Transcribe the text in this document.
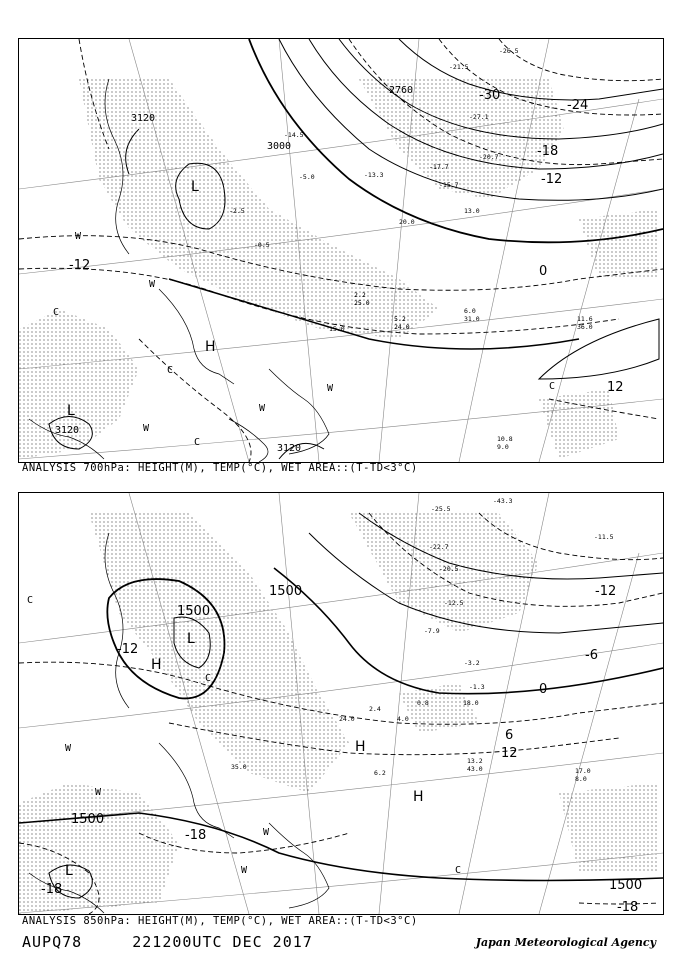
-26.5
-21.5
-27.1
-20.7
-17.7
-15.7
-14.5
-13.3
-5.0
-2.5
-0.5
2.2
5.2
6.0
11.6
10.8
9.0
13.0
15.0
20.0
24.0
25.0
31.0
36.0
3120
3000
2760
3120
3120
-30
-24
-18
-12
-12	0
12
L
L
H
W
W
W
W
W
C
C
C
C
ANALYSIS 700hPa: HEIGHT(M), TEMP(°C), WET AREA::(T-TD<3°C)
-43.3
-25.5
-22.7
-20.5
-11.5
-12.5
-7.9
-3.2
-1.3
0.8
2.4
4.0
6.2
13.2
17.0
18.0
24.0
35.0	43.0
8.0
1500
1500
1500
1500
-12
-6
-12
0
6
12
-18
-18
-18
L
H
H
H
L
W
W
W
W
C
C
C
ANALYSIS 850hPa: HEIGHT(M), TEMP(°C), WET AREA::(T-TD<3°C)
AUPQ78	221200UTC DEC 2017	Japan Meteorological Agency
